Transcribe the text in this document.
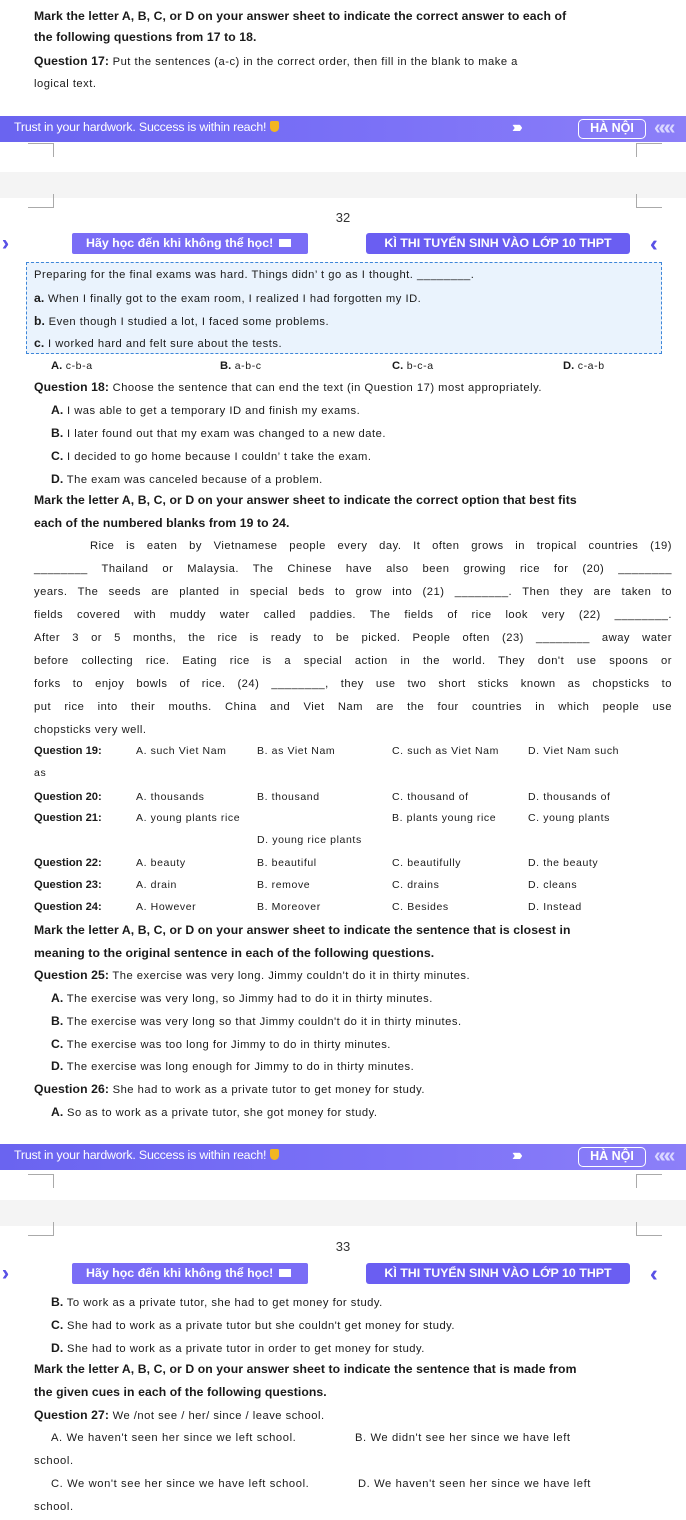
Mark the letter A, B, C, or D on your answer sheet to indicate the correct answer to each of
the following questions from 17 to 18.
Question 17: Put the sentences (a-c) in the correct order, then fill in the blank to make a
logical text.
Trust in your hardwork. Success is within reach!	›››››	HÀ NỘI	«««
32
Hãy học đến khi không thể học!	KÌ THI TUYỂN SINH VÀO LỚP 10 THPT	‹‹
Preparing for the final exams was hard. Things didn’ t go as I thought. ________.
a. When I finally got to the exam room, I realized I had forgotten my ID.
b. Even though I studied a lot, I faced some problems.
c. I worked hard and felt sure about the tests.
A. c-b-a	B. a-b-c	C. b-c-a	D. c-a-b
Question 18: Choose the sentence that can end the text (in Question 17) most appropriately.
A. I was able to get a temporary ID and finish my exams.
B. I later found out that my exam was changed to a new date.
C. I decided to go home because I couldn’ t take the exam.
D. The exam was canceled because of a problem.
Mark the letter A, B, C, or D on your answer sheet to indicate the correct option that best fits
each of the numbered blanks from 19 to 24.
Rice is eaten by Vietnamese people every day. It often grows in tropical countries (19)
________ Thailand or Malaysia. The Chinese have also been growing rice for (20) ________
years. The seeds are planted in special beds to grow into (21) ________. Then they are taken to
fields covered with muddy water called paddies. The fields of rice look very (22) ________.
After 3 or 5 months, the rice is ready to be picked. People often (23) ________ away water
before collecting rice. Eating rice is a special action in the world. They don't use spoons or
forks to enjoy bowls of rice. (24) ________, they use two short sticks known as chopsticks to
put rice into their mouths. China and Viet Nam are the four countries in which people use
chopsticks very well.
Question 19:	A. such Viet Nam	B. as Viet Nam	C. such as Viet Nam	D. Viet Nam such
as
Question 20:	A. thousands	B. thousand	C. thousand of	D. thousands of
Question 21:	A. young plants rice	B. plants young rice	C. young plants
D. young rice plants
Question 22:	A. beauty	B. beautiful	C. beautifully	D. the beauty
Question 23:	A. drain	B. remove	C. drains	D. cleans
Question 24:	A. However	B. Moreover	C. Besides	D. Instead
Mark the letter A, B, C, or D on your answer sheet to indicate the sentence that is closest in
meaning to the original sentence in each of the following questions.
Question 25: The exercise was very long. Jimmy couldn't do it in thirty minutes.
A. The exercise was very long, so Jimmy had to do it in thirty minutes.
B. The exercise was very long so that Jimmy couldn't do it in thirty minutes.
C. The exercise was too long for Jimmy to do in thirty minutes.
D. The exercise was long enough for Jimmy to do in thirty minutes.
Question 26: She had to work as a private tutor to get money for study.
A. So as to work as a private tutor, she got money for study.
Trust in your hardwork. Success is within reach!	›››››	HÀ NỘI	«««
33
Hãy học đến khi không thể học!	KÌ THI TUYỂN SINH VÀO LỚP 10 THPT	‹‹
B. To work as a private tutor, she had to get money for study.
C. She had to work as a private tutor but she couldn't get money for study.
D. She had to work as a private tutor in order to get money for study.
Mark the letter A, B, C, or D on your answer sheet to indicate the sentence that is made from
the given cues in each of the following questions.
Question 27: We /not see / her/ since / leave school.
A. We haven't seen her since we left school.	B. We didn't see her since we have left
school.
C. We won't see her since we have left school.	D. We haven't seen her since we have left
school.
